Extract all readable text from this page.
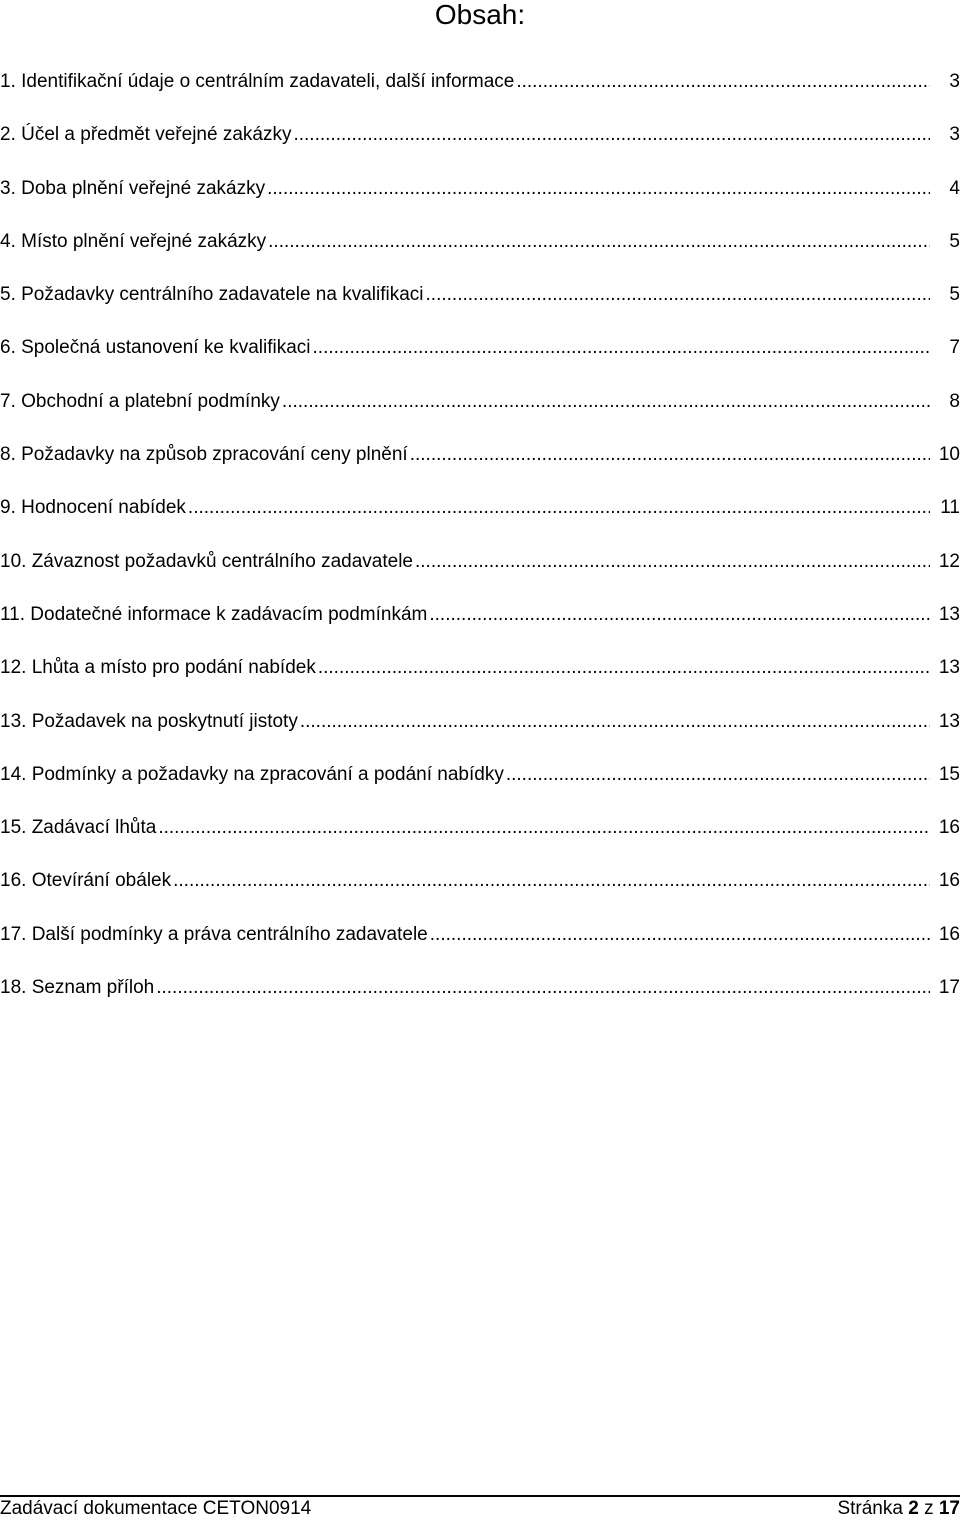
Obsah:
1. Identifikační údaje o centrálním zadavateli, další informace .....	3
2. Účel a předmět veřejné zakázky .....	3
3. Doba plnění veřejné zakázky .....	4
4. Místo plnění veřejné zakázky .....	5
5. Požadavky centrálního zadavatele na kvalifikaci .....	5
6. Společná ustanovení ke kvalifikaci .....	7
7. Obchodní a platební podmínky .....	8
8. Požadavky na způsob zpracování ceny plnění .....	10
9. Hodnocení nabídek .....	11
10. Závaznost požadavků centrálního zadavatele .....	12
11. Dodatečné informace k zadávacím podmínkám .....	13
12. Lhůta a místo pro podání nabídek .....	13
13. Požadavek na poskytnutí jistoty .....	13
14. Podmínky a požadavky na zpracování a podání nabídky .....	15
15. Zadávací lhůta .....	16
16. Otevírání obálek .....	16
17. Další podmínky a práva centrálního zadavatele .....	16
18. Seznam příloh .....	17
Zadávací dokumentace CETON0914	Stránka 2 z 17
